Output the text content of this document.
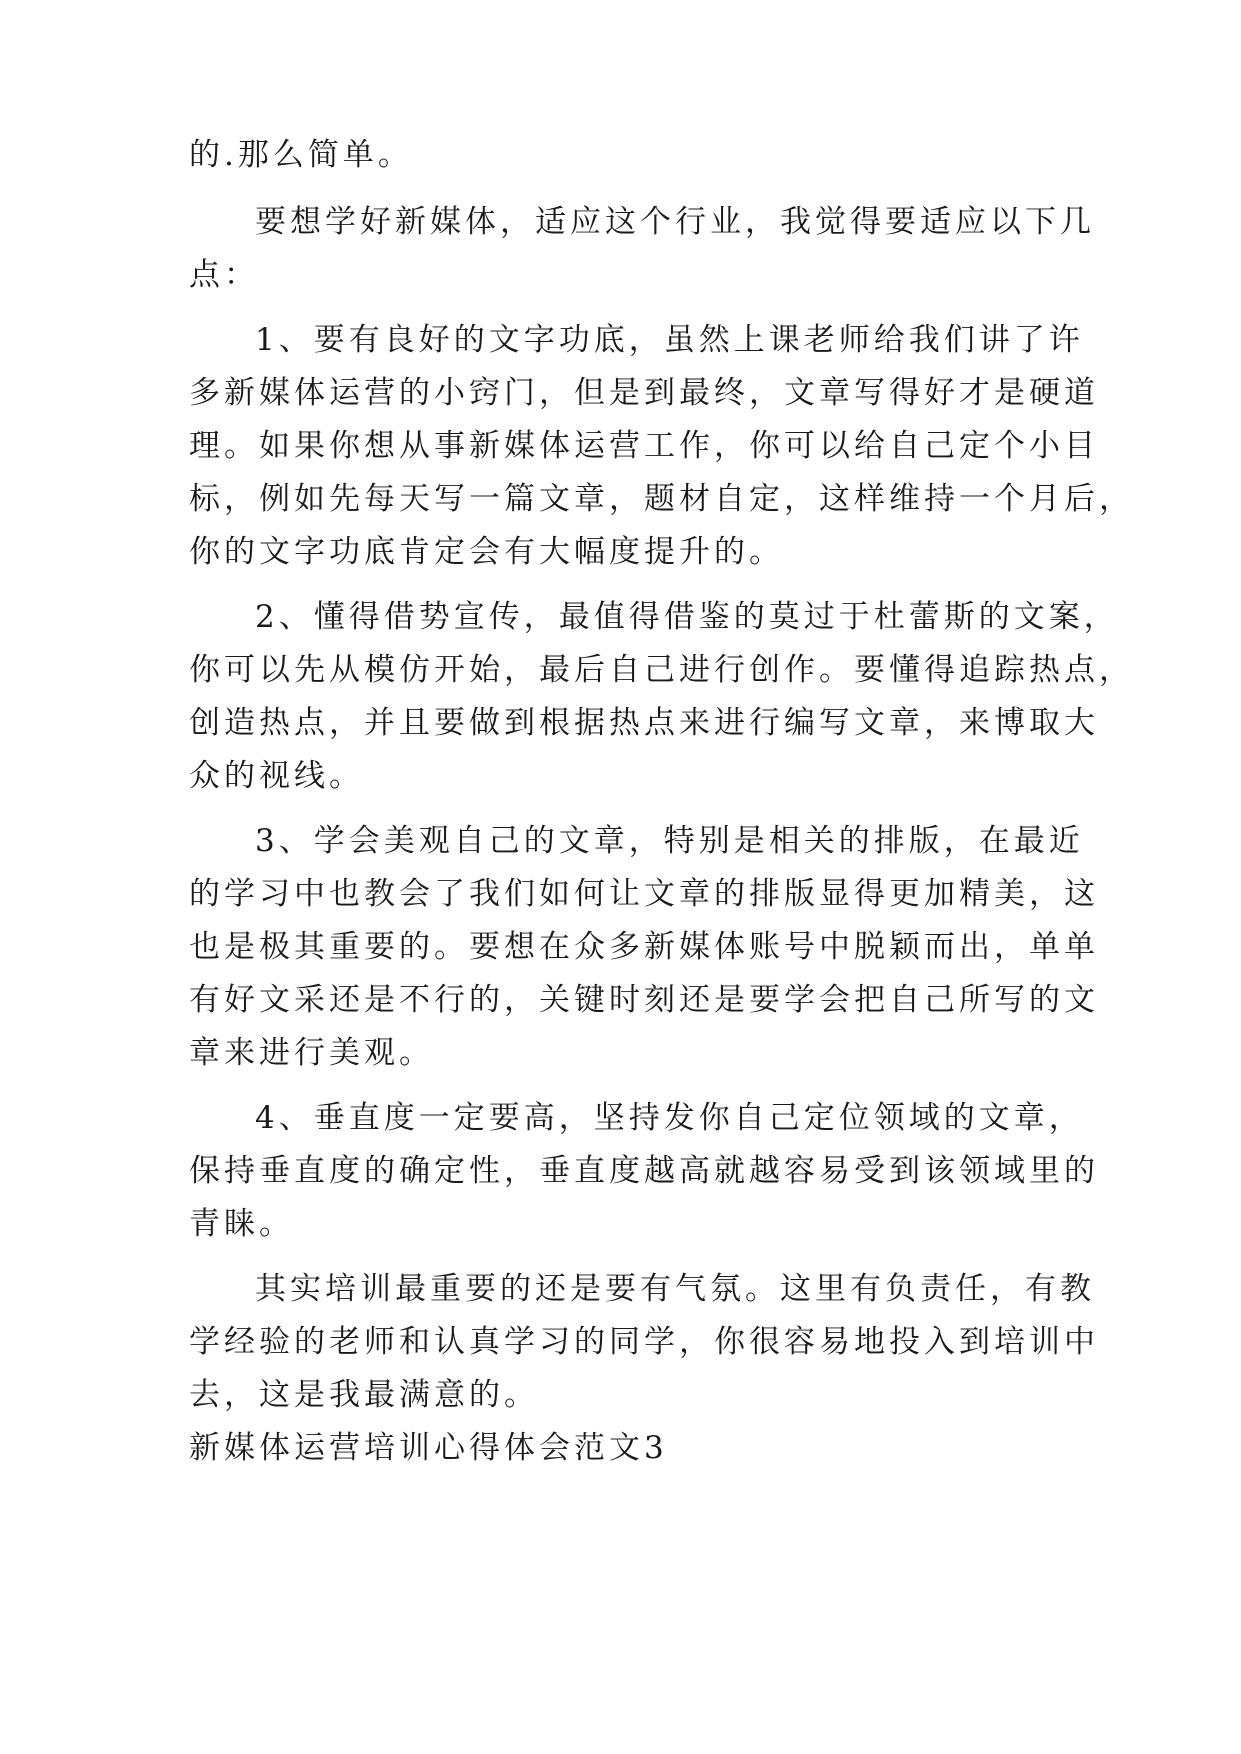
的.那么简单。
要想学好新媒体，适应这个行业，我觉得要适应以下几
点：
1、要有良好的文字功底，虽然上课老师给我们讲了许
多新媒体运营的小窍门，但是到最终，文章写得好才是硬道
理。如果你想从事新媒体运营工作，你可以给自己定个小目
标，例如先每天写一篇文章，题材自定，这样维持一个月后，
你的文字功底肯定会有大幅度提升的。
2、懂得借势宣传，最值得借鉴的莫过于杜蕾斯的文案，
你可以先从模仿开始，最后自己进行创作。要懂得追踪热点，
创造热点，并且要做到根据热点来进行编写文章，来博取大
众的视线。
3、学会美观自己的文章，特别是相关的排版，在最近
的学习中也教会了我们如何让文章的排版显得更加精美，这
也是极其重要的。要想在众多新媒体账号中脱颖而出，单单
有好文采还是不行的，关键时刻还是要学会把自己所写的文
章来进行美观。
4、垂直度一定要高，坚持发你自己定位领域的文章，
保持垂直度的确定性，垂直度越高就越容易受到该领域里的
青睐。
其实培训最重要的还是要有气氛。这里有负责任，有教
学经验的老师和认真学习的同学，你很容易地投入到培训中
去，这是我最满意的。
新媒体运营培训心得体会范文3
